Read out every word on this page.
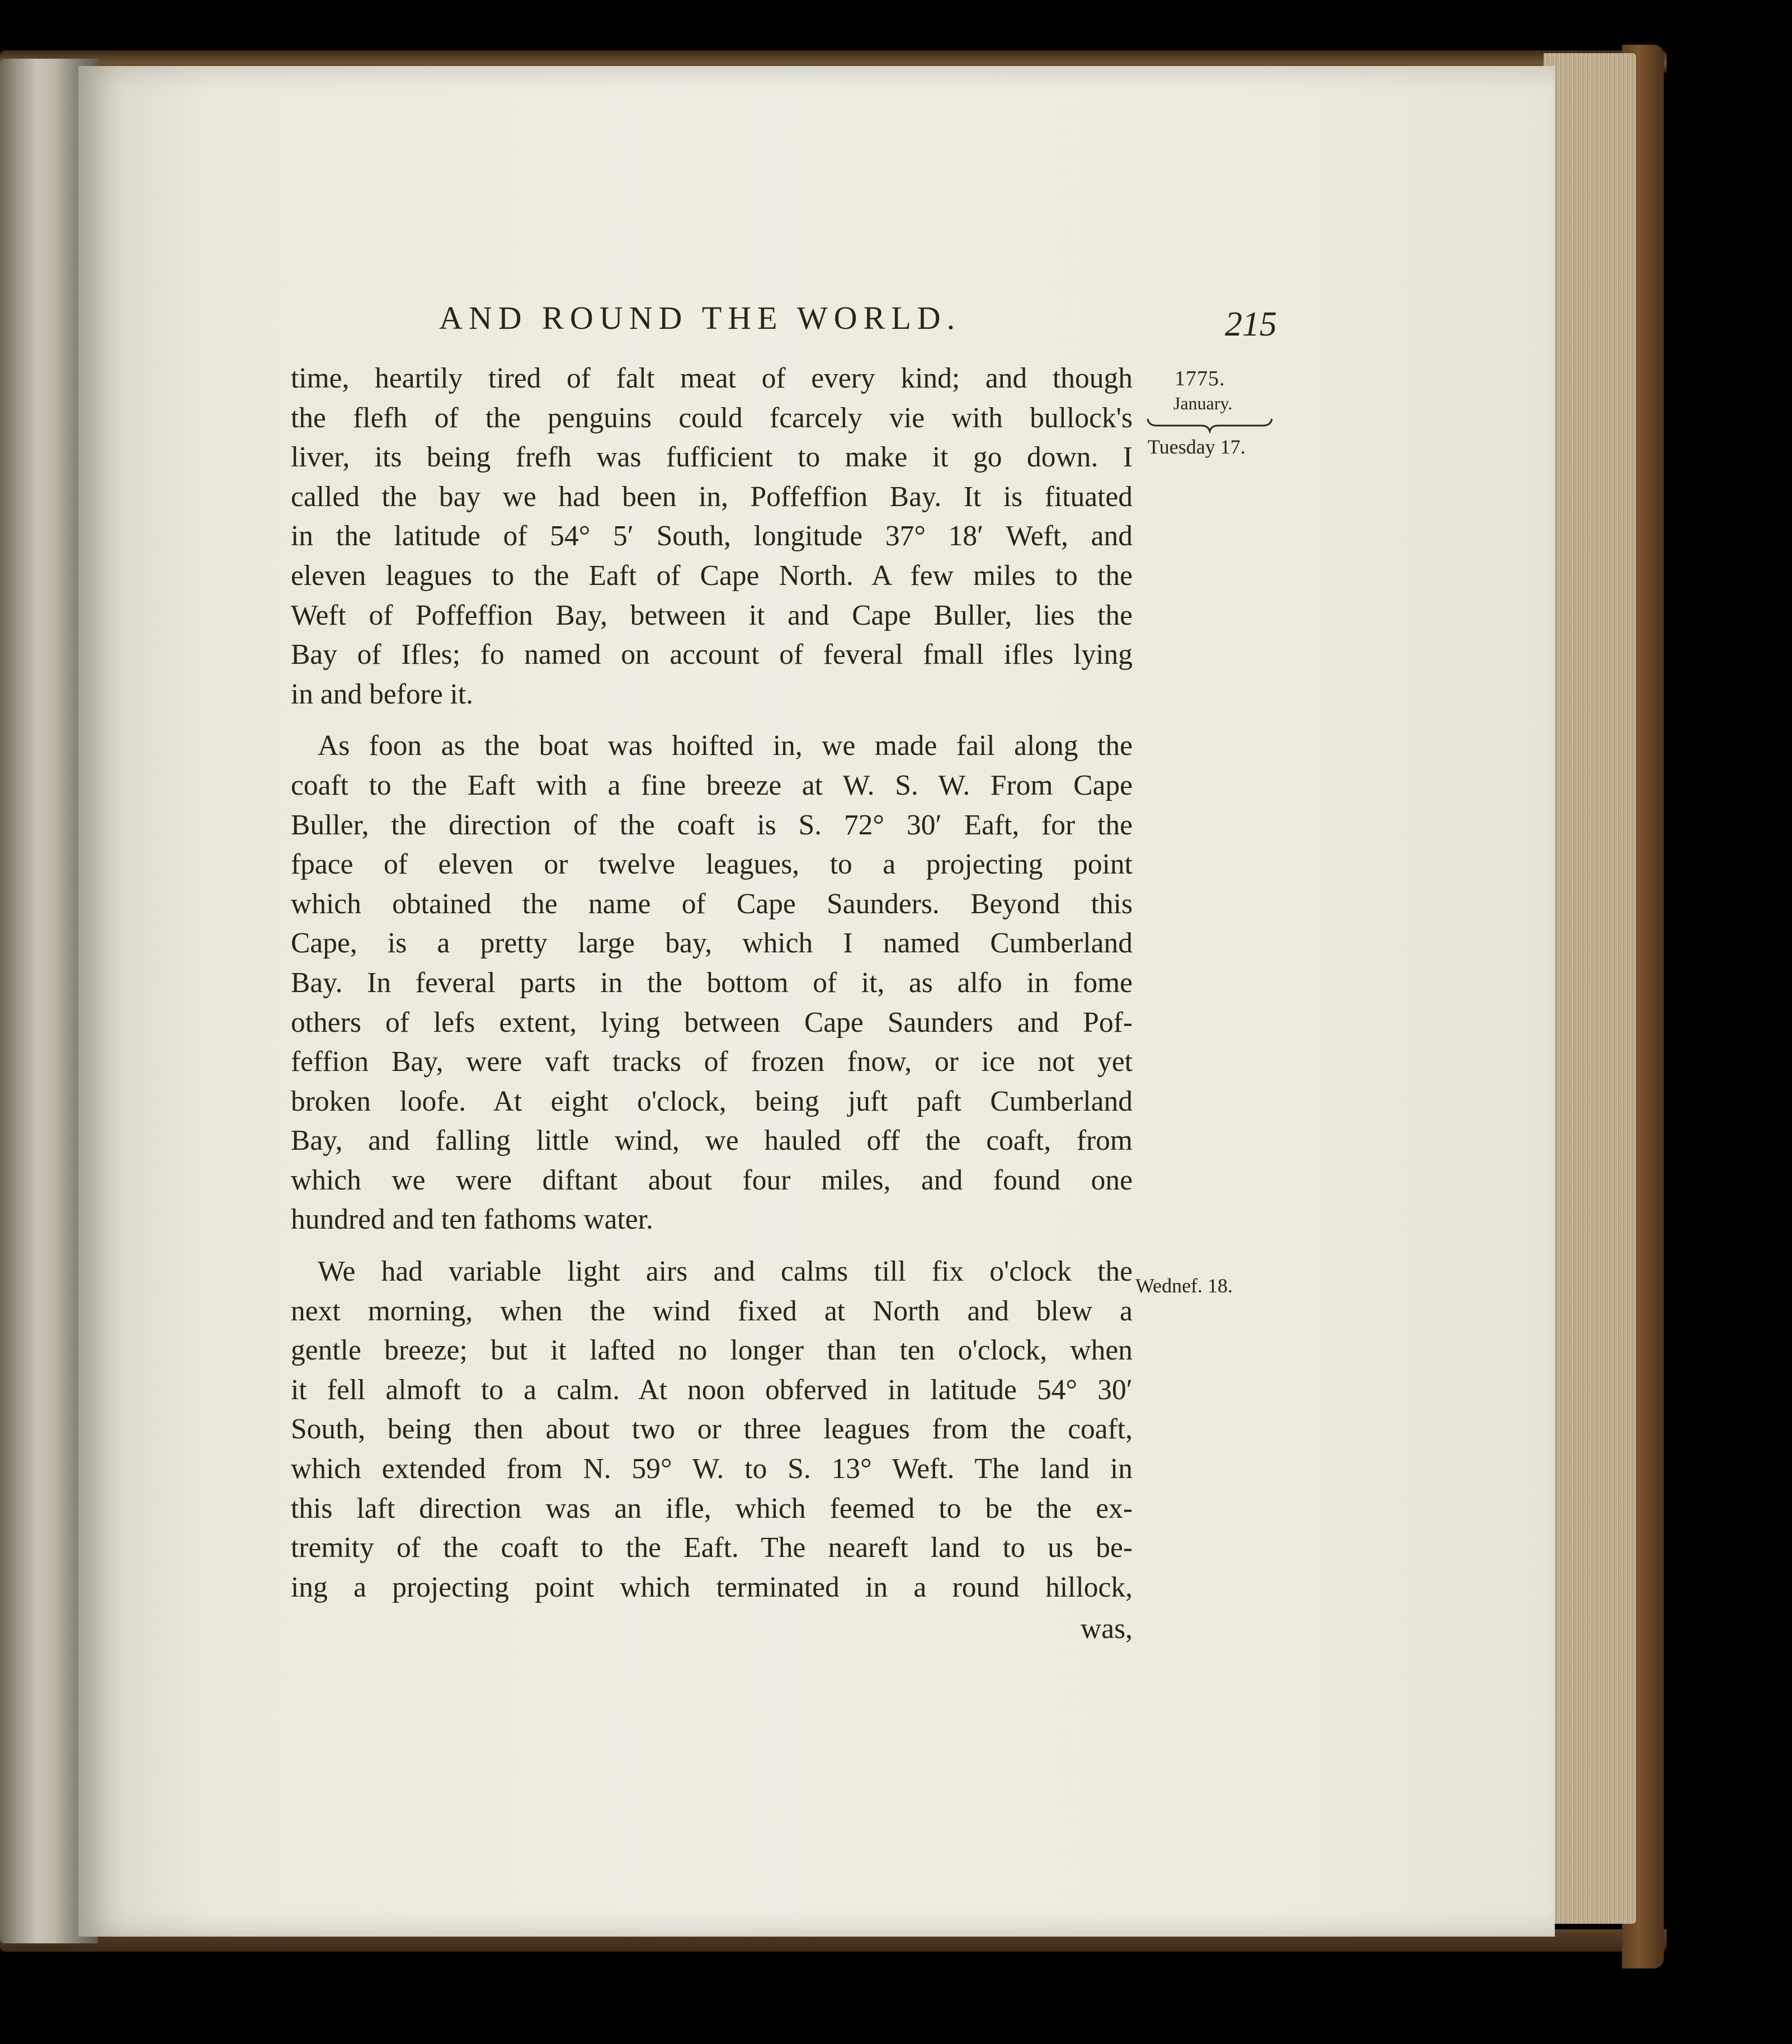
AND ROUND THE WORLD.	215
1775.
January.
Tuesday 17.
Wednef. 18.
time, heartily tired of falt meat of every kind; and though
the flefh of the penguins could fcarcely vie with bullock's
liver, its being frefh was fufficient to make it go down. I
called the bay we had been in, Poffeffion Bay. It is fituated
in the latitude of 54° 5′ South, longitude 37° 18′ Weft, and
eleven leagues to the Eaft of Cape North. A few miles to the
Weft of Poffeffion Bay, between it and Cape Buller, lies the
Bay of Ifles; fo named on account of feveral fmall ifles lying
in and before it.
As foon as the boat was hoifted in, we made fail along the
coaft to the Eaft with a fine breeze at W. S. W. From Cape
Buller, the direction of the coaft is S. 72° 30′ Eaft, for the
fpace of eleven or twelve leagues, to a projecting point
which obtained the name of Cape Saunders. Beyond this
Cape, is a pretty large bay, which I named Cumberland
Bay. In feveral parts in the bottom of it, as alfo in fome
others of lefs extent, lying between Cape Saunders and Pof-
feffion Bay, were vaft tracks of frozen fnow, or ice not yet
broken loofe. At eight o'clock, being juft paft Cumberland
Bay, and falling little wind, we hauled off the coaft, from
which we were diftant about four miles, and found one
hundred and ten fathoms water.
We had variable light airs and calms till fix o'clock the
next morning, when the wind fixed at North and blew a
gentle breeze; but it lafted no longer than ten o'clock, when
it fell almoft to a calm. At noon obferved in latitude 54° 30′
South, being then about two or three leagues from the coaft,
which extended from N. 59° W. to S. 13° Weft. The land in
this laft direction was an ifle, which feemed to be the ex-
tremity of the coaft to the Eaft. The neareft land to us be-
ing a projecting point which terminated in a round hillock,
was,
